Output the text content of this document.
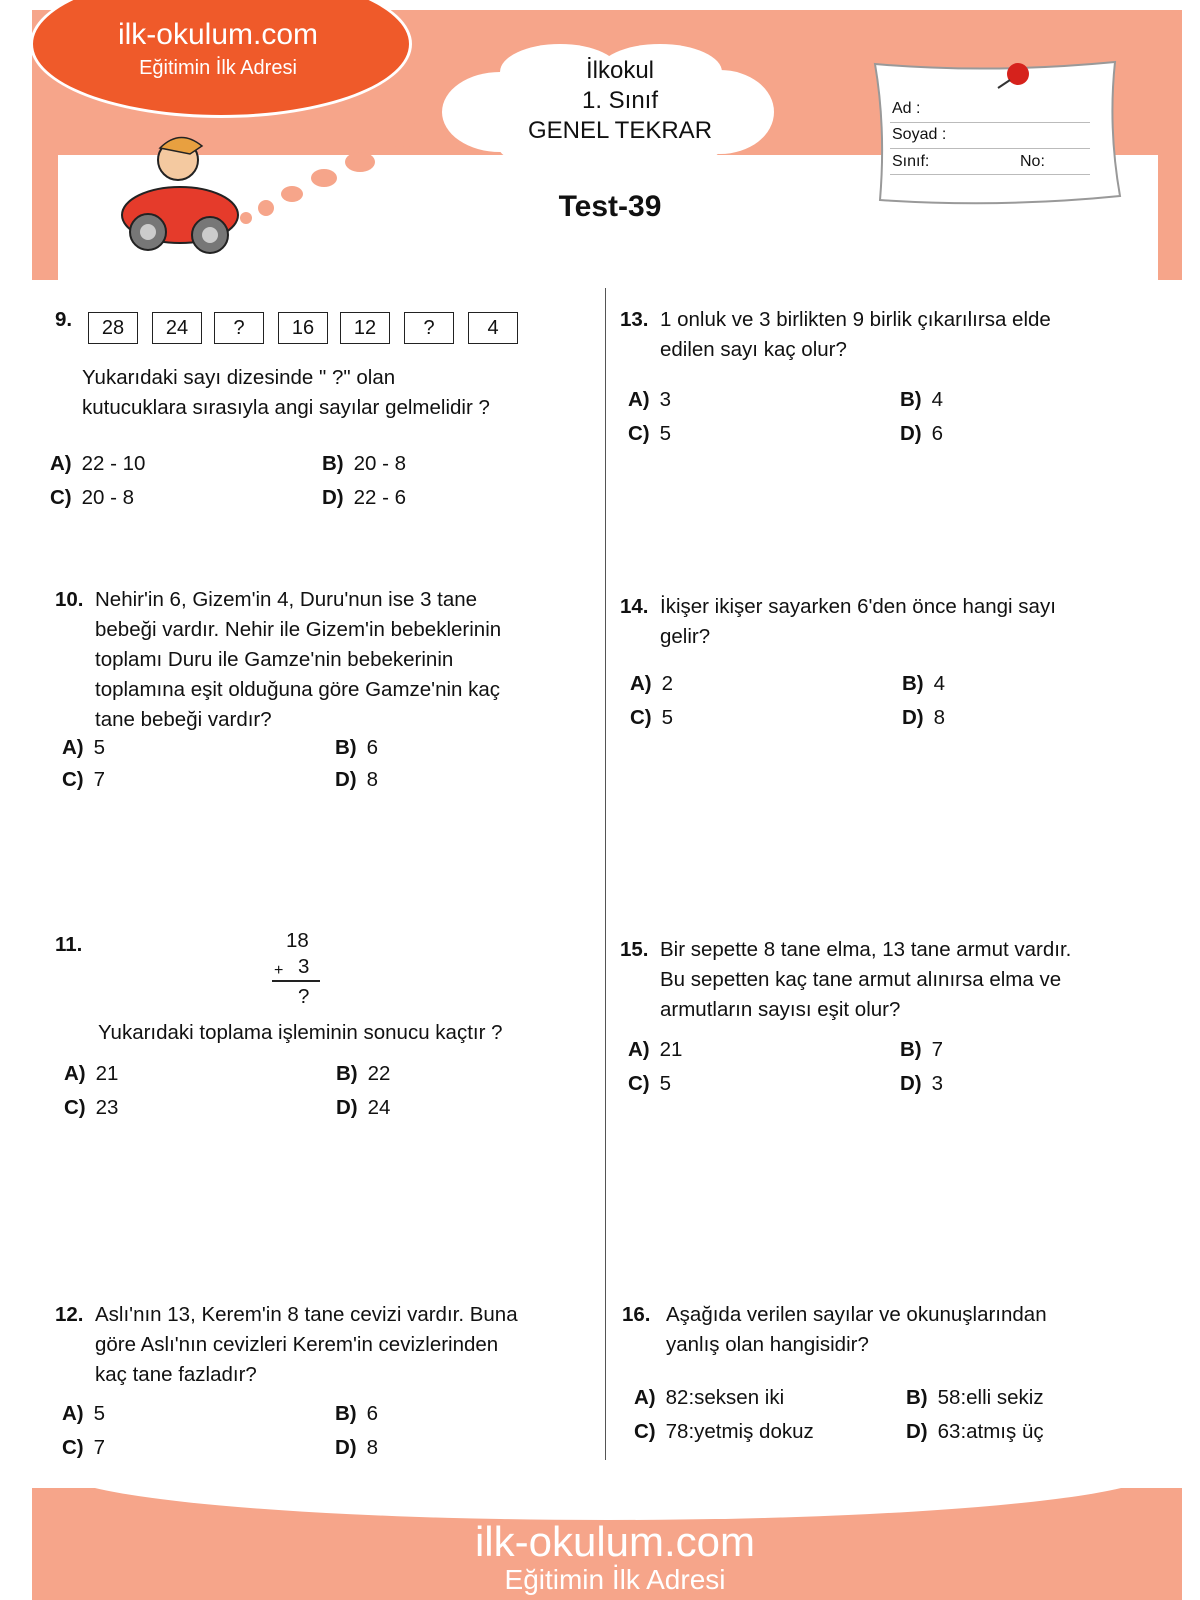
ilk-okulum.com
Eğitimin İlk Adresi	İlkokul
1. Sınıf
GENEL TEKRAR
Test-39
Ad :
Soyad :
Sınıf:	No:
9.	28	24	?	16	12	?	4
Yukarıdaki sayı dizesinde " ?" olan
kutucuklara sırasıyla angi sayılar gelmelidir ?
A) 22 - 10	B) 20 - 8
C) 20 - 8	D) 22 - 6
10. Nehir'in 6, Gizem'in 4, Duru'nun ise 3 tane
bebeği vardır. Nehir ile Gizem'in bebeklerinin
toplamı Duru ile Gamze'nin bebekerinin
toplamına eşit olduğuna göre Gamze'nin kaç
tane bebeği vardır?
A) 5	B) 6
C) 7	D) 8
11.	18
+ 3
?
Yukarıdaki toplama işleminin sonucu kaçtır ?
A) 21	B) 22
C) 23	D) 24
12. Aslı'nın 13, Kerem'in 8 tane cevizi vardır. Buna
göre Aslı'nın cevizleri Kerem'in cevizlerinden
kaç tane fazladır?
A) 5	B) 6
C) 7	D) 8
13. 1 onluk ve 3 birlikten 9 birlik çıkarılırsa elde
edilen sayı kaç olur?
A) 3	B) 4
C) 5	D) 6
14. İkişer ikişer sayarken 6'den önce hangi sayı
gelir?
A) 2	B) 4
C) 5	D) 8
15. Bir sepette 8 tane elma, 13 tane armut vardır.
Bu sepetten kaç tane armut alınırsa elma ve
armutların sayısı eşit olur?
A) 21	B) 7
C) 5	D) 3
16. Aşağıda verilen sayılar ve okunuşlarından
yanlış olan hangisidir?
A) 82:seksen iki	B) 58:elli sekiz
C) 78:yetmiş dokuz	D) 63:atmış üç
ilk-okulum.com
Eğitimin İlk Adresi
